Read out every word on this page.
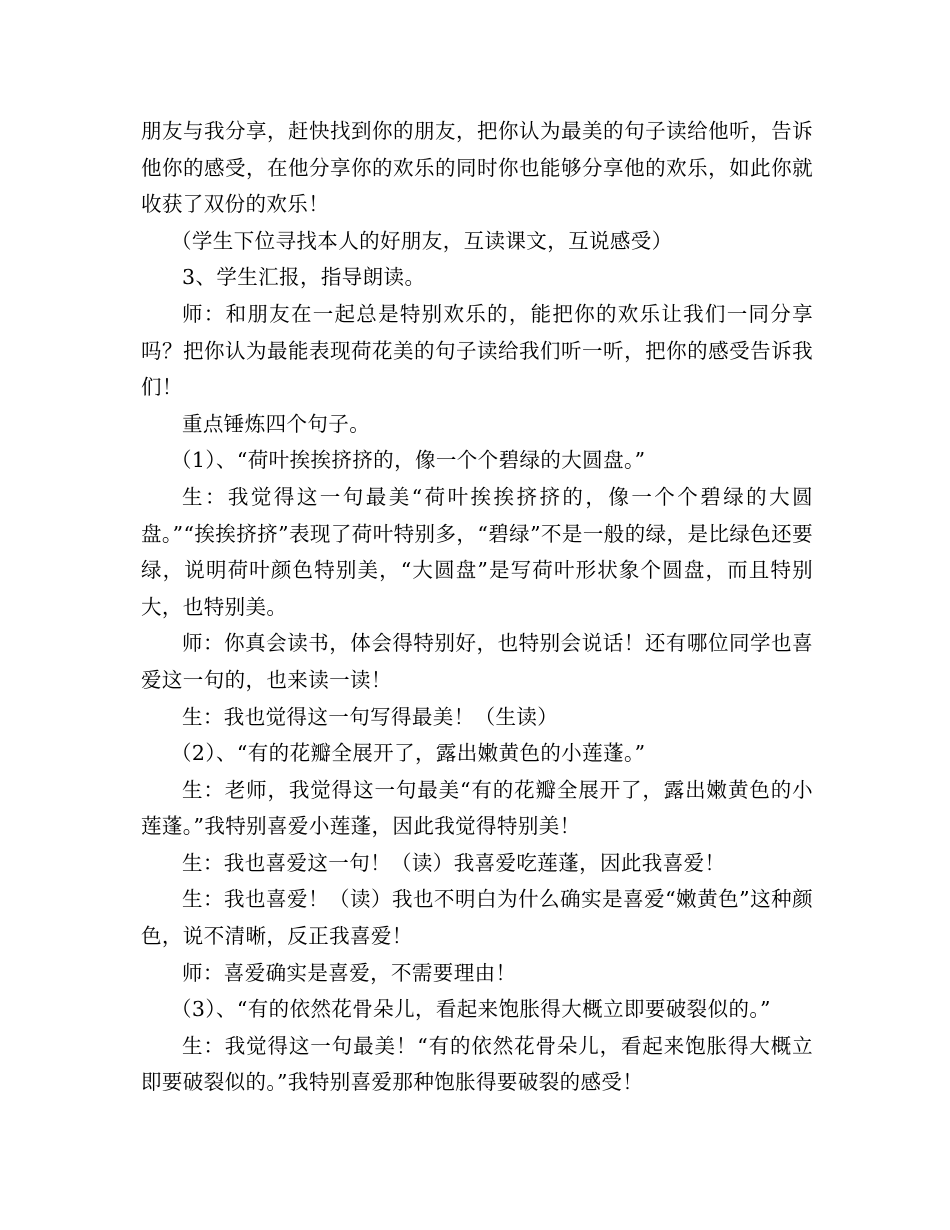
朋友与我分享，赶快找到你的朋友，把你认为最美的句子读给他听，告诉他你的感受，在他分享你的欢乐的同时你也能够分享他的欢乐，如此你就收获了双份的欢乐！

（学生下位寻找本人的好朋友，互读课文，互说感受）

3、学生汇报，指导朗读。

师：和朋友在一起总是特别欢乐的，能把你的欢乐让我们一同分享吗？把你认为最能表现荷花美的句子读给我们听一听，把你的感受告诉我们！

重点锤炼四个句子。

（1）、“荷叶挨挨挤挤的，像一个个碧绿的大圆盘。”

生：我觉得这一句最美“荷叶挨挨挤挤的，像一个个碧绿的大圆盘。”“挨挨挤挤”表现了荷叶特别多，“碧绿”不是一般的绿，是比绿色还要绿，说明荷叶颜色特别美，“大圆盘”是写荷叶形状象个圆盘，而且特别大，也特别美。

师：你真会读书，体会得特别好，也特别会说话！还有哪位同学也喜爱这一句的，也来读一读！

生：我也觉得这一句写得最美！（生读）

（2）、“有的花瓣全展开了，露出嫩黄色的小莲蓬。”

生：老师，我觉得这一句最美“有的花瓣全展开了，露出嫩黄色的小莲蓬。”我特别喜爱小莲蓬，因此我觉得特别美！

生：我也喜爱这一句！（读）我喜爱吃莲蓬，因此我喜爱！

生：我也喜爱！（读）我也不明白为什么确实是喜爱“嫩黄色”这种颜色，说不清晰，反正我喜爱！

师：喜爱确实是喜爱，不需要理由！

（3）、“有的依然花骨朵儿，看起来饱胀得大概立即要破裂似的。”

生：我觉得这一句最美！“有的依然花骨朵儿，看起来饱胀得大概立即要破裂似的。”我特别喜爱那种饱胀得要破裂的感受！
